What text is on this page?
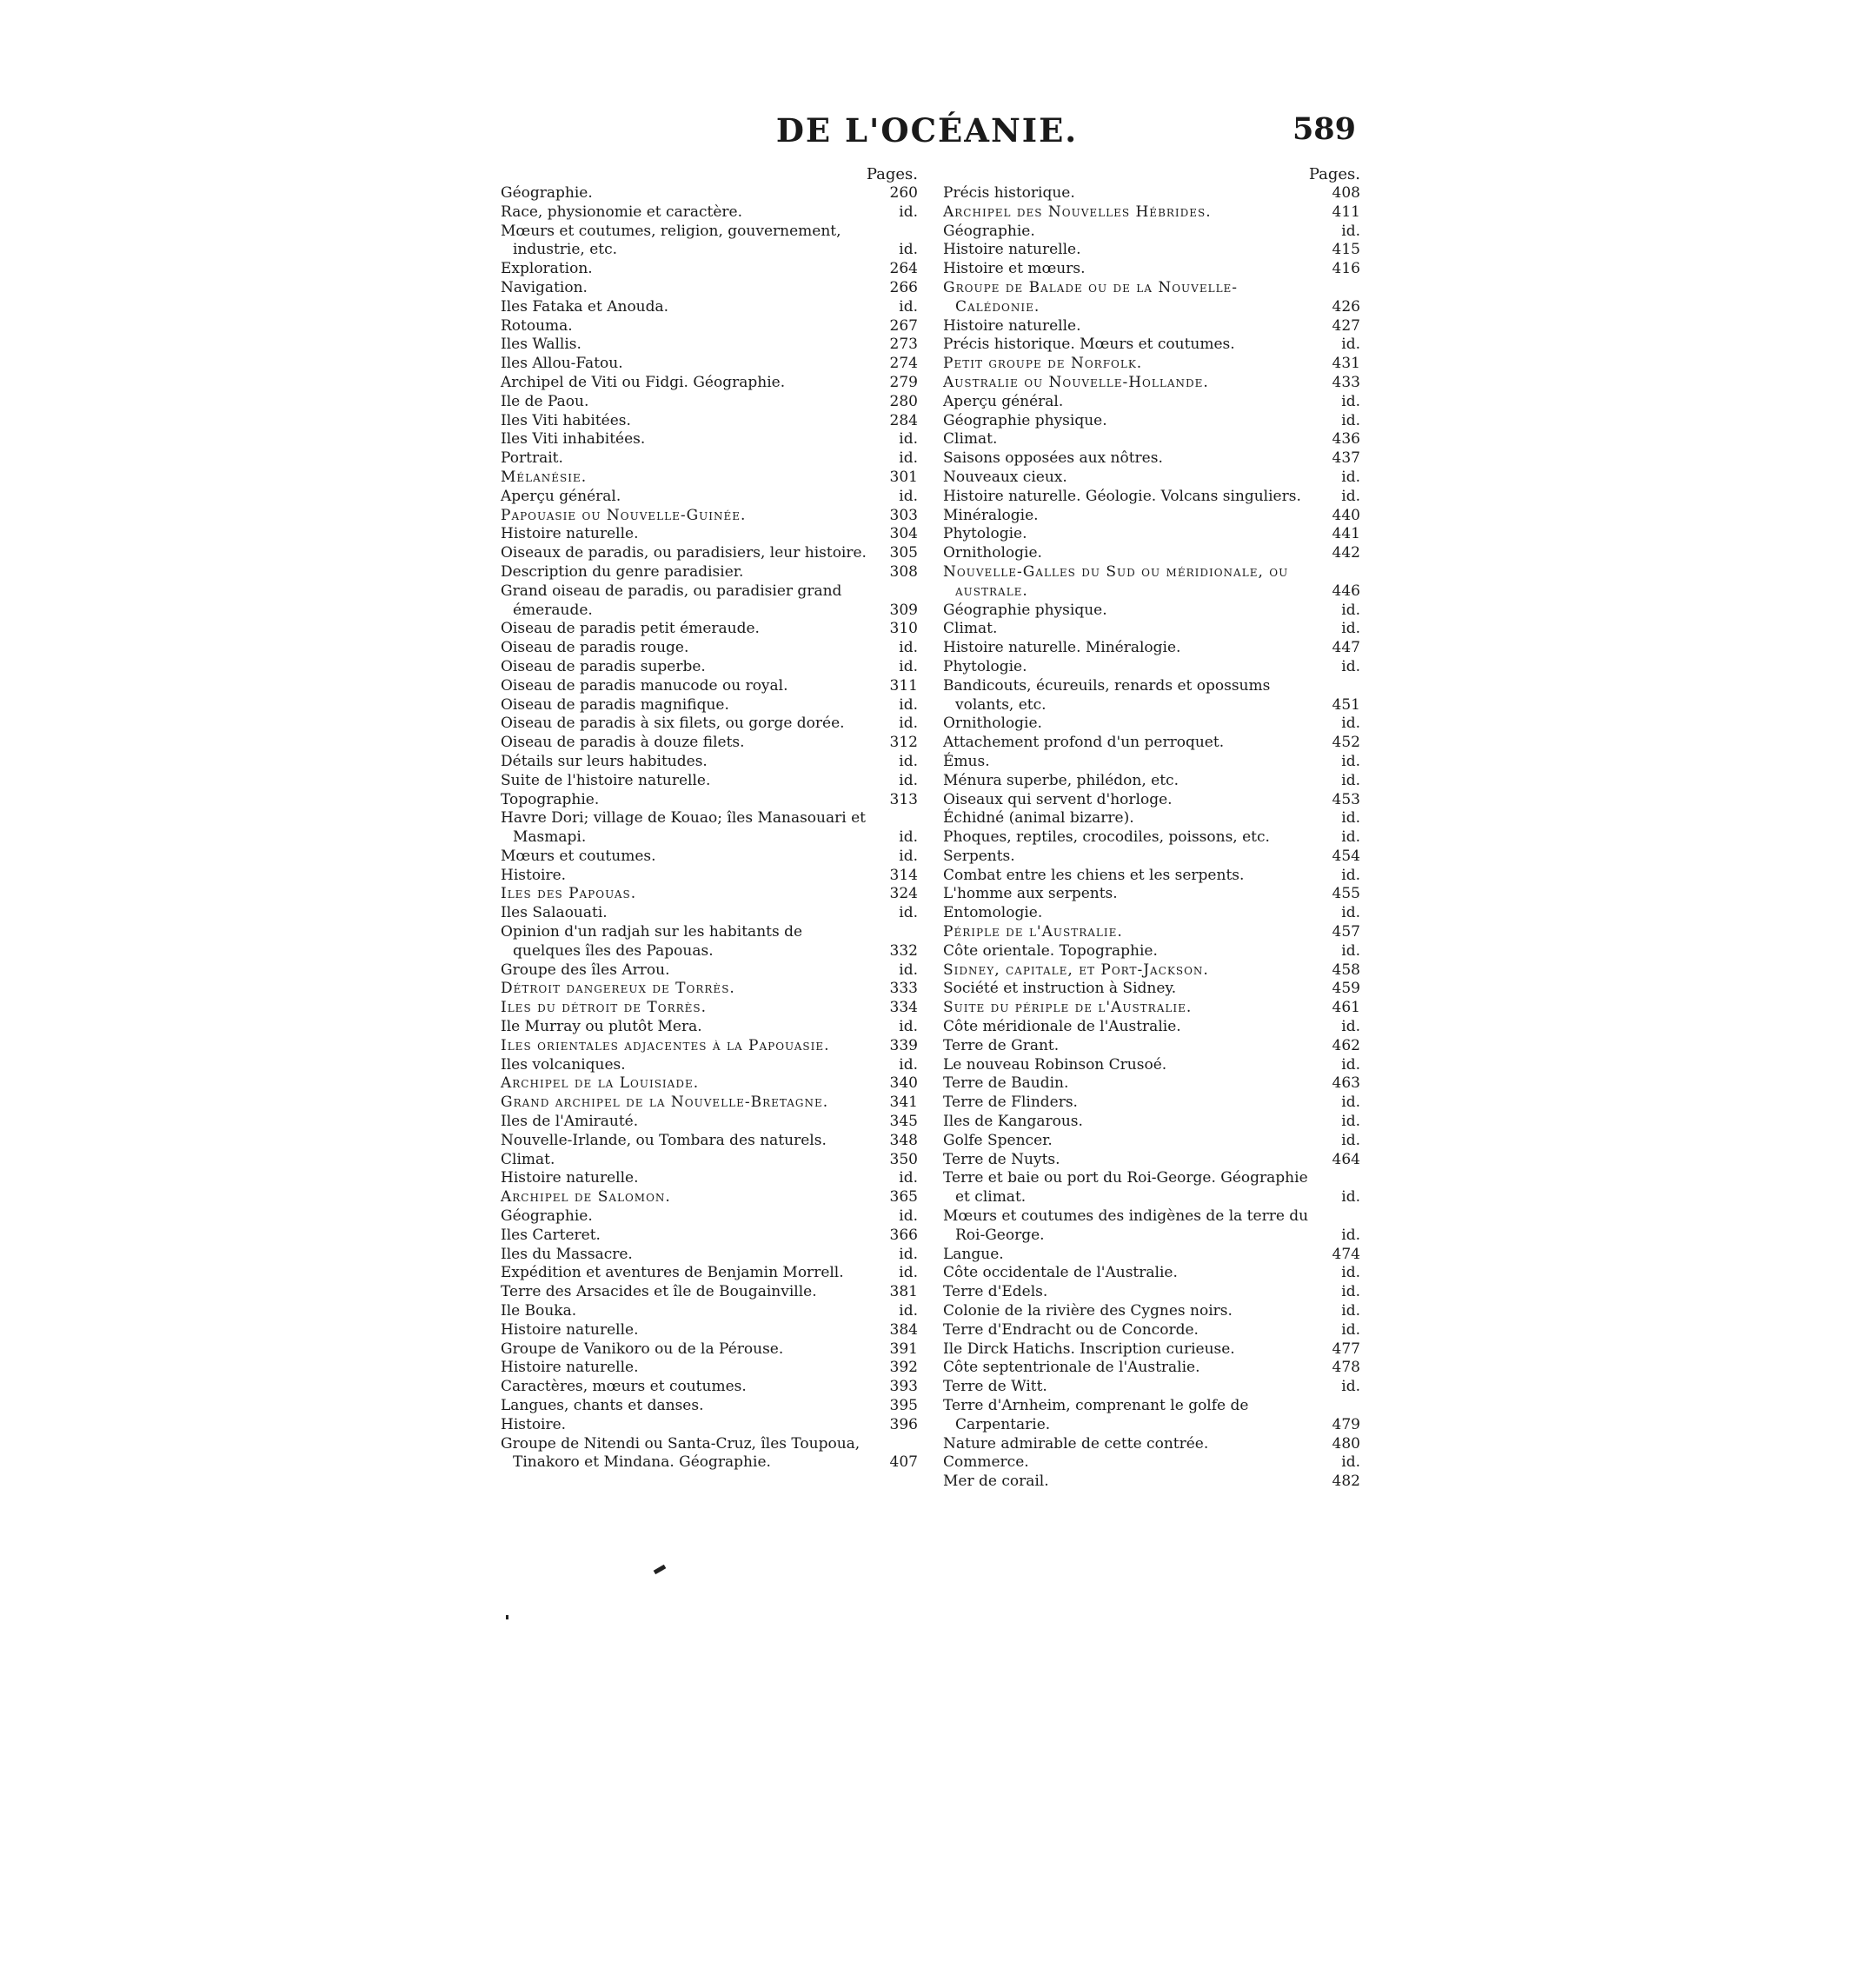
DE L'OCÉANIE.	589
Pages.
Géographie.	260
Race, physionomie et caractère.	id.
Mœurs et coutumes, religion, gouvernement, industrie, etc.	id.
Exploration.	264
Navigation.	266
Iles Fataka et Anouda.	id.
Rotouma.	267
Iles Wallis.	273
Iles Allou-Fatou.	274
Archipel de Viti ou Fidgi. Géographie.	279
Ile de Paou.	280
Iles Viti habitées.	284
Iles Viti inhabitées.	id.
Portrait.	id.
Mélanésie.	301
Aperçu général.	id.
Papouasie ou Nouvelle-Guinée.	303
Histoire naturelle.	304
Oiseaux de paradis, ou paradisiers, leur histoire.	305
Description du genre paradisier.	308
Grand oiseau de paradis, ou paradisier grand émeraude.	309
Oiseau de paradis petit émeraude.	310
Oiseau de paradis rouge.	id.
Oiseau de paradis superbe.	id.
Oiseau de paradis manucode ou royal.	311
Oiseau de paradis magnifique.	id.
Oiseau de paradis à six filets, ou gorge dorée.	id.
Oiseau de paradis à douze filets.	312
Détails sur leurs habitudes.	id.
Suite de l'histoire naturelle.	id.
Topographie.	313
Havre Dori; village de Kouao; îles Manasouari et Masmapi.	id.
Mœurs et coutumes.	id.
Histoire.	314
Iles des Papouas.	324
Iles Salaouati.	id.
Opinion d'un radjah sur les habitants de quelques îles des Papouas.	332
Groupe des îles Arrou.	id.
Détroit dangereux de Torrès.	333
Iles du détroit de Torrès.	334
Ile Murray ou plutôt Mera.	id.
Iles orientales adjacentes à la Papouasie.	339
Iles volcaniques.	id.
Archipel de la Louisiade.	340
Grand archipel de la Nouvelle-Bretagne.	341
Iles de l'Amirauté.	345
Nouvelle-Irlande, ou Tombara des naturels.	348
Climat.	350
Histoire naturelle.	id.
Archipel de Salomon.	365
Géographie.	id.
Iles Carteret.	366
Iles du Massacre.	id.
Expédition et aventures de Benjamin Morrell.	id.
Terre des Arsacides et île de Bougainville.	381
Ile Bouka.	id.
Histoire naturelle.	384
Groupe de Vanikoro ou de la Pérouse.	391
Histoire naturelle.	392
Caractères, mœurs et coutumes.	393
Langues, chants et danses.	395
Histoire.	396
Groupe de Nitendi ou Santa-Cruz, îles Toupoua, Tinakoro et Mindana. Géographie.	407
Pages.
Précis historique.	408
Archipel des Nouvelles Hébrides.	411
Géographie.	id.
Histoire naturelle.	415
Histoire et mœurs.	416
Groupe de Balade ou de la Nouvelle-Calédonie.	426
Histoire naturelle.	427
Précis historique. Mœurs et coutumes.	id.
Petit groupe de Norfolk.	431
Australie ou Nouvelle-Hollande.	433
Aperçu général.	id.
Géographie physique.	id.
Climat.	436
Saisons opposées aux nôtres.	437
Nouveaux cieux.	id.
Histoire naturelle. Géologie. Volcans singuliers.	id.
Minéralogie.	440
Phytologie.	441
Ornithologie.	442
Nouvelle-Galles du Sud ou méridionale, ou australe.	446
Géographie physique.	id.
Climat.	id.
Histoire naturelle. Minéralogie.	447
Phytologie.	id.
Bandicouts, écureuils, renards et opossums volants, etc.	451
Ornithologie.	id.
Attachement profond d'un perroquet.	452
Émus.	id.
Ménura superbe, philédon, etc.	id.
Oiseaux qui servent d'horloge.	453
Échidné (animal bizarre).	id.
Phoques, reptiles, crocodiles, poissons, etc.	id.
Serpents.	454
Combat entre les chiens et les serpents.	id.
L'homme aux serpents.	455
Entomologie.	id.
Périple de l'Australie.	457
Côte orientale. Topographie.	id.
Sidney, capitale, et Port-Jackson.	458
Société et instruction à Sidney.	459
Suite du périple de l'Australie.	461
Côte méridionale de l'Australie.	id.
Terre de Grant.	462
Le nouveau Robinson Crusoé.	id.
Terre de Baudin.	463
Terre de Flinders.	id.
Iles de Kangarous.	id.
Golfe Spencer.	id.
Terre de Nuyts.	464
Terre et baie ou port du Roi-George. Géographie et climat.	id.
Mœurs et coutumes des indigènes de la terre du Roi-George.	id.
Langue.	474
Côte occidentale de l'Australie.	id.
Terre d'Edels.	id.
Colonie de la rivière des Cygnes noirs.	id.
Terre d'Endracht ou de Concorde.	id.
Ile Dirck Hatichs. Inscription curieuse.	477
Côte septentrionale de l'Australie.	478
Terre de Witt.	id.
Terre d'Arnheim, comprenant le golfe de Carpentarie.	479
Nature admirable de cette contrée.	480
Commerce.	id.
Mer de corail.	482
